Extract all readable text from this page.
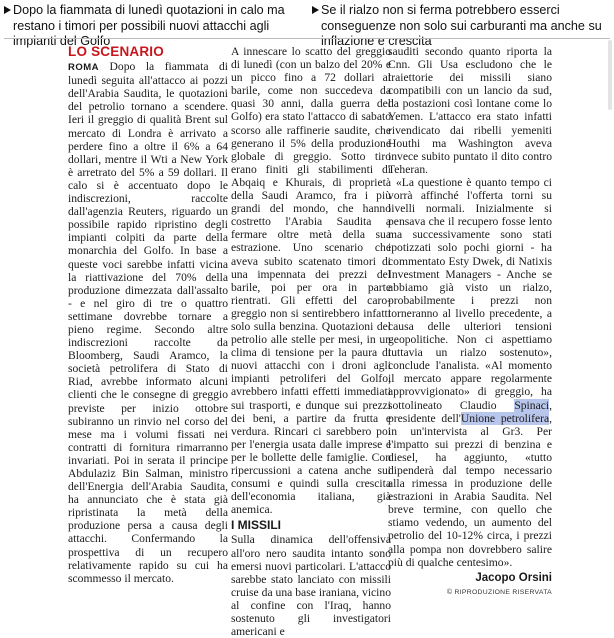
Dopo la fiammata di lunedì quotazioni in calo ma restano i timori per possibili nuovi attacchi agli impianti del Golfo
Se il rialzo non si ferma potrebbero esserci conseguenze non solo sui carburanti ma anche su inflazione e crescita
LO SCENARIO

ROMA Dopo la fiammata di lunedì seguita all'attacco ai pozzi dell'Arabia Saudita, le quotazioni del petrolio tornano a scendere. Ieri il greggio di qualità Brent sul mercato di Londra è arrivato a perdere fino a oltre il 6% a 64 dollari, mentre il Wti a New York è arretrato del 5% a 59 dollari. Il calo si è accentuato dopo le indiscrezioni, raccolte dall'agenzia Reuters, riguardo un possibile rapido ripristino degli impianti colpiti da parte della monarchia del Golfo. In base a queste voci sarebbe infatti vicina la riattivazione del 70% della produzione dimezzata dall'assalto - e nel giro di tre o quattro settimane dovrebbe tornare a pieno regime. Secondo altre indiscrezioni raccolte da Bloomberg, Saudi Aramco, la società petrolifera di Stato di Riad, avrebbe informato alcuni clienti che le consegne di greggio previste per inizio ottobre subiranno un rinvio nel corso del mese ma i volumi fissati nei contratti di fornitura rimarranno invariati. Poi in serata il principe Abdulaziz Bin Salman, ministro dell'Energia dell'Arabia Saudita, ha annunciato che è stata già ripristinata la metà della produzione persa a causa degli attacchi. Confermando la prospettiva di un recupero relativamente rapido su cui ha scommesso il mercato.

A innescare lo scatto del greggio di lunedì (con un balzo del 20% e un picco fino a 72 dollari al barile, come non succedeva da quasi 30 anni, dalla guerra del Golfo) era stato l'attacco di sabato scorso alle raffinerie saudite, che generano il 5% della produzione globale di greggio. Sotto tiro erano finiti gli stabilimenti di Abqaiq e Khurais, di proprietà della Saudi Aramco, fra i più grandi del mondo, che hanno costretto l'Arabia Saudita a fermare oltre metà della sua estrazione. Uno scenario che aveva subito scatenato timori di una impennata dei prezzi del barile, poi per ora in parte rientrati. Gli effetti del caro-greggio non si sentirebbero infatti solo sulla benzina. Quotazioni del petrolio alle stelle per mesi, in un clima di tensione per la paura di nuovi attacchi con i droni agli impianti petroliferi del Golfo, avrebbero infatti effetti immediati sui trasporti, e dunque sui prezzi dei beni, a partire da frutta e verdura. Rincari ci sarebbero poi per l'energia usata dalle imprese e per le bollette delle famiglie. Con ripercussioni a catena anche sui consumi e quindi sulla crescita dell'economia italiana, già anemica.

I MISSILI

Sulla dinamica dell'offensiva all'oro nero saudita intanto sono emersi nuovi particolari. L'attacco sarebbe stato lanciato con missili cruise da una base iraniana, vicino al confine con l'Iraq, hanno sostenuto gli investigatori americani e

sauditi secondo quanto riporta la Cnn. Gli Usa escludono che le traiettorie dei missili siano compatibili con un lancio da sud, da postazioni così lontane come lo Yemen. L'attacco era stato infatti rivendicato dai ribelli yemeniti Houthi ma Washington aveva invece subito puntato il dito contro Teheran.

«La questione è quanto tempo ci vorrà affinché l'offerta torni su livelli normali. Inizialmente si pensava che il recupero fosse lento ma successivamente sono stati ipotizzati solo pochi giorni - ha commentato Esty Dwek, di Natixis Investment Managers - Anche se abbiamo già visto un rialzo, probabilmente i prezzi non torneranno al livello precedente, a causa delle ulteriori tensioni geopolitiche. Non ci aspettiamo tuttavia un rialzo sostenuto», conclude l'analista. «Al momento il mercato appare regolarmente approvvigionato» di greggio, ha sottolineato Claudio Spinaci, presidente dell'Unione petrolifera, in un'intervista al Gr3. Per l'impatto sui prezzi di benzina e diesel, ha aggiunto, «tutto dipenderà dal tempo necessario alla rimessa in produzione delle estrazioni in Arabia Saudita. Nel breve termine, con quello che stiamo vedendo, un aumento del petrolio del 10-12% circa, i prezzi alla pompa non dovrebbero salire più di qualche centesimo».

Jacopo Orsini
© RIPRODUZIONE RISERVATA
